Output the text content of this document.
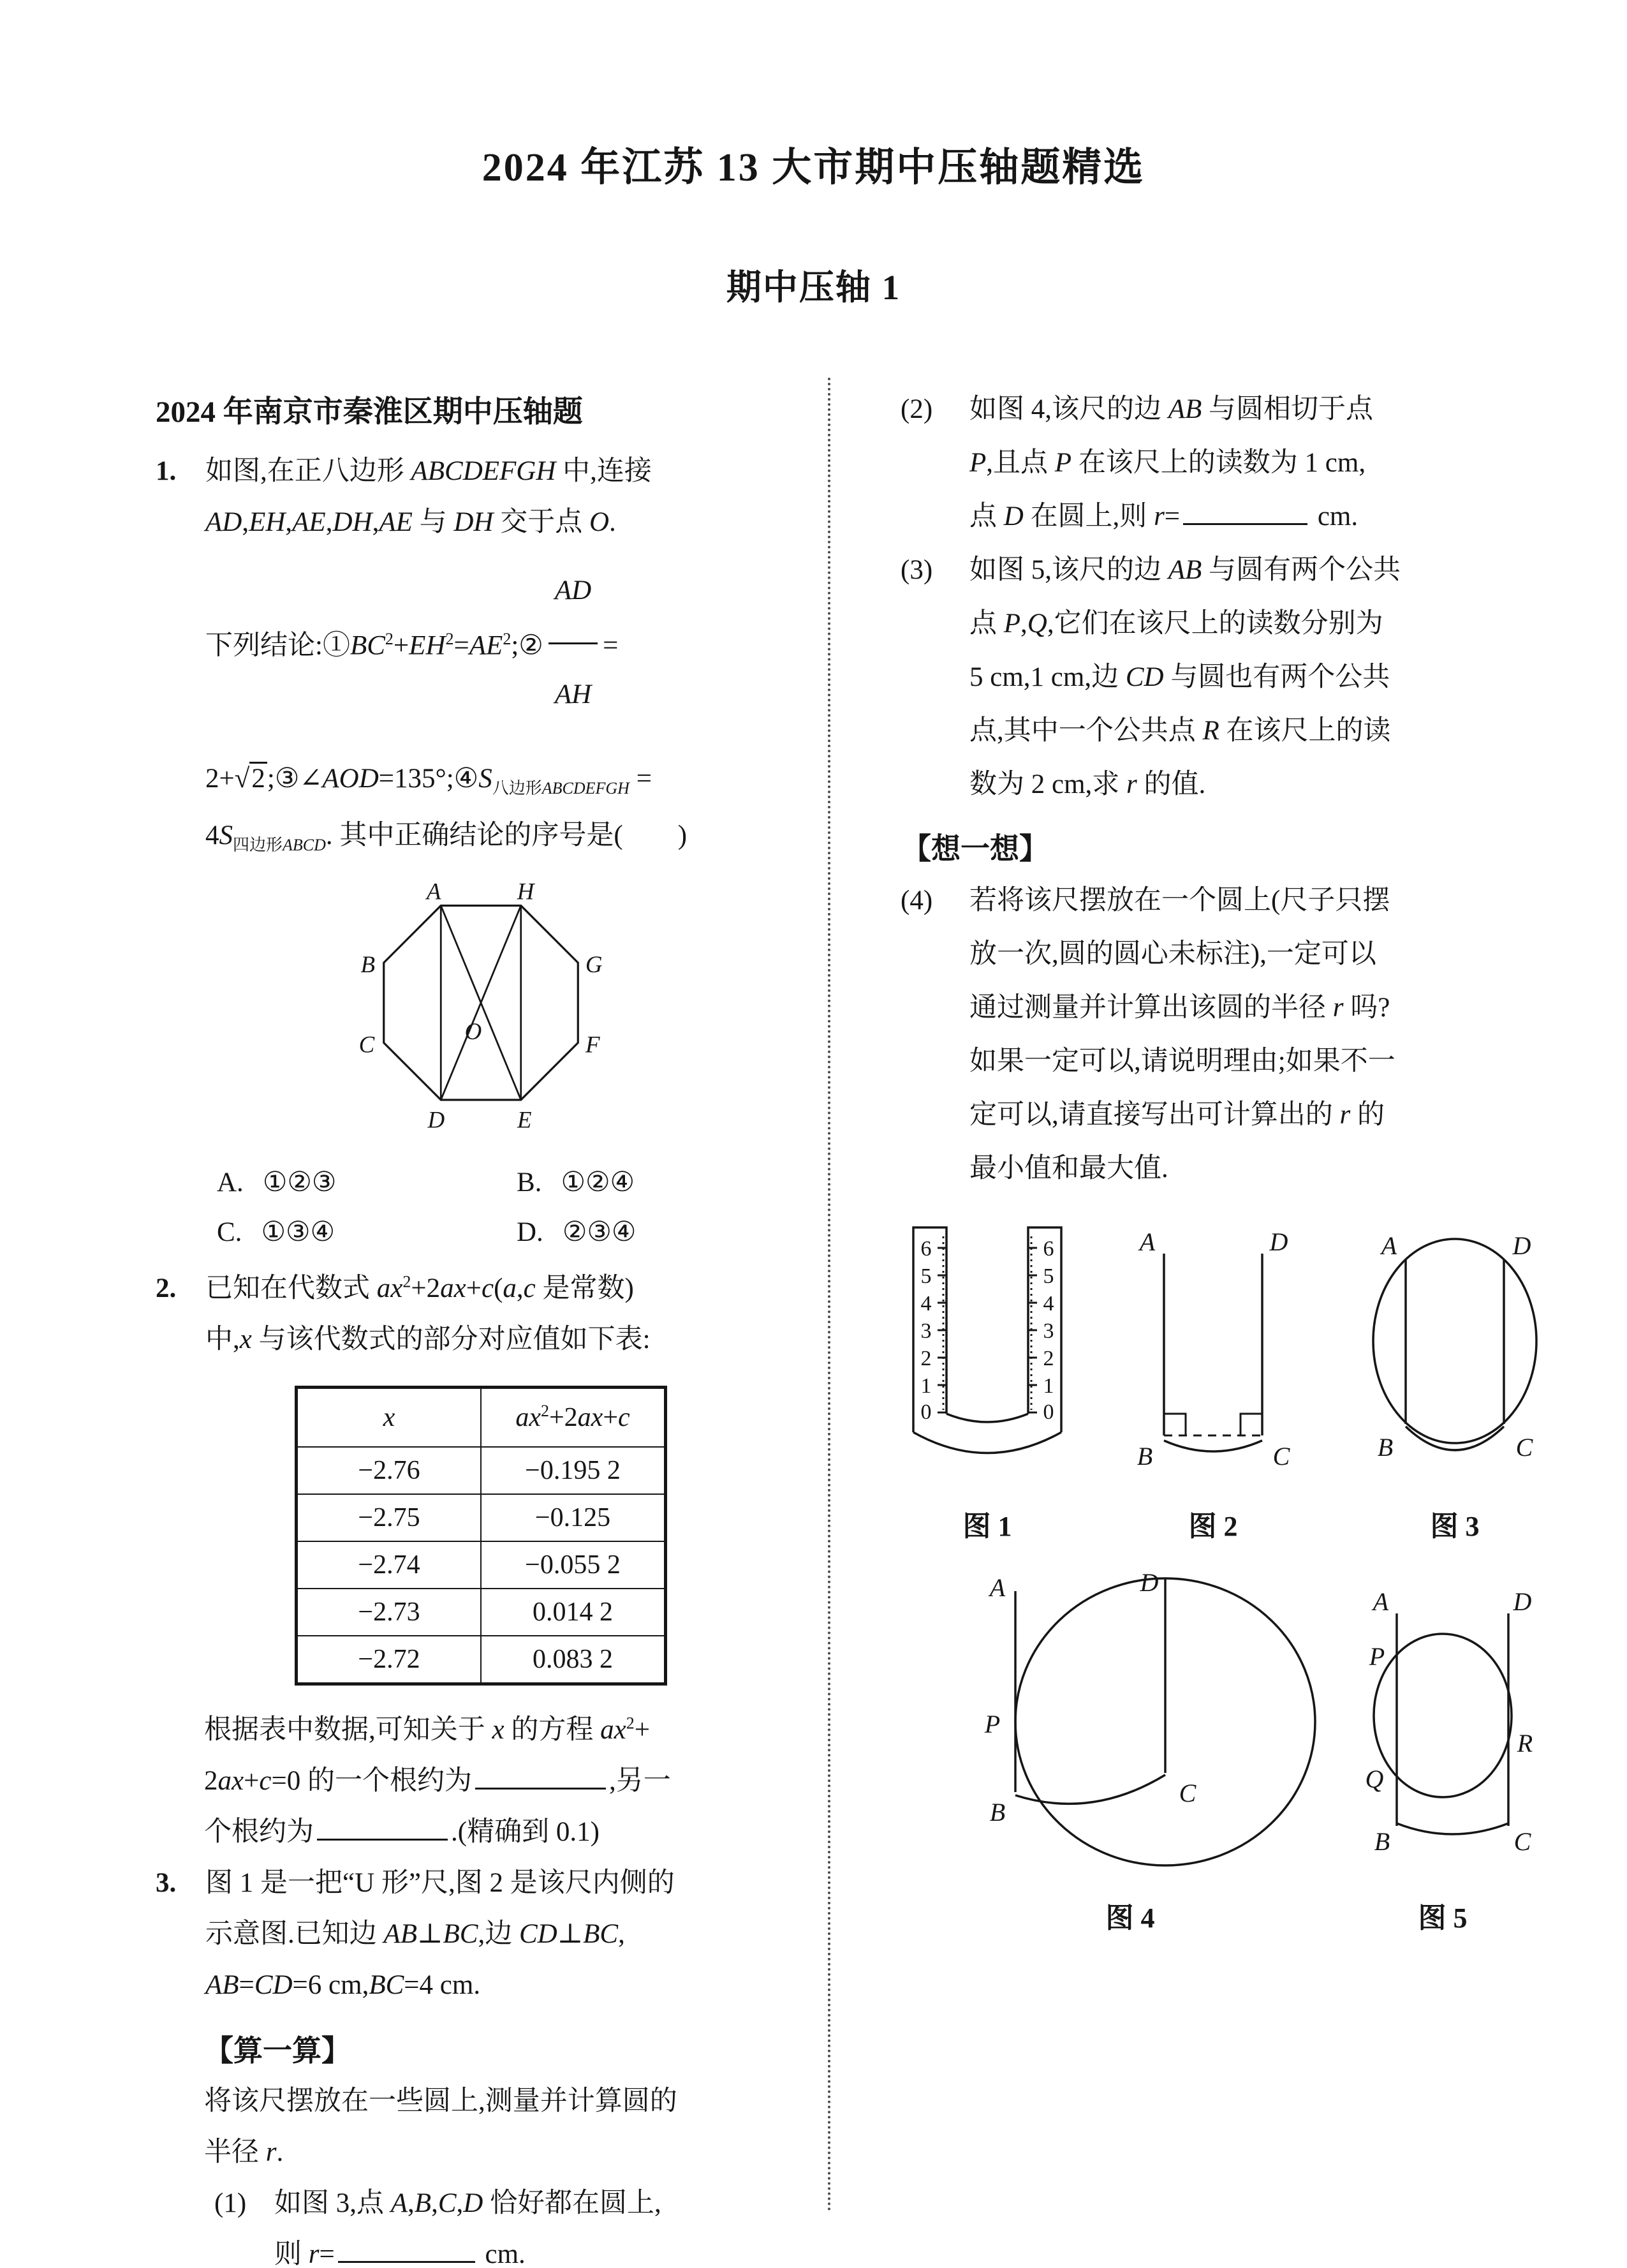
2024 年江苏 13 大市期中压轴题精选
期中压轴 1
2024 年南京市秦淮区期中压轴题
1. 如图,在正八边形 ABCDEFGH 中,连接
AD,EH,AE,DH,AE 与 DH 交于点 O.
下列结论$:①BC^2+EH^2=AE^2;② \frac{AD}{AH}$ =
$2+√2;③\angle AOD=135^\circ;④S_{八边形ABCDEFGH}$ =
$4S_{四边形ABCD}$. 其中正确结论的序号是(　　)
A	H
B	G
C	F
D	E
O
A. ①②③	B. ①②④
C. ①③④	D. ②③④
2. 已知在代数式 $ax^2+2ax+c(a,c$ 是常数)
中,x 与该代数式的部分对应值如下表:
x	$ax^2+2ax+c$
−2.76	−0.195 2
−2.75	−0.125
−2.74	−0.055 2
−2.73	0.014 2
−2.72	0.083 2
根据表中数据,可知关于 x 的方程 $ax^2+$
2ax+c=0 的一个根约为	,另一
个根约为	.(精确到 0.1)
3. 图 1 是一把“U 形”尺,图 2 是该尺内侧的
示意图.已知边 AB⊥BC,边 CD⊥BC,
AB=CD=6 cm,BC=4 cm.
【算一算】
将该尺摆放在一些圆上,测量并计算圆的
半径 r.
(1) 如图 3,点 A,B,C,D 恰好都在圆上,
则 r=	cm.
(2) 如图 4,该尺的边 AB 与圆相切于点
P,且点 P 在该尺上的读数为 1 cm,
点 D 在圆上,则 r=	cm.
(3) 如图 5,该尺的边 AB 与圆有两个公共
点 P,Q,它们在该尺上的读数分别为
5 cm,1 cm,边 CD 与圆也有两个公共
点,其中一个公共点 R 在该尺上的读
数为 2 cm,求 r 的值.
【想一想】
(4) 若将该尺摆放在一个圆上(尺子只摆
放一次,圆的圆心未标注),一定可以
通过测量并计算出该圆的半径 r 吗?
如果一定可以,请说明理由;如果不一
定可以,请直接写出可计算出的 r 的
最小值和最大值.
6
5
4
3
2
1
0
6
5
4
3
2
1
0
图 1
A	D
B	C
图 2
A	D
B	C
图 3
A	D
P
B
C
图 4
A
P
Q
B
D
R
C
图 5
